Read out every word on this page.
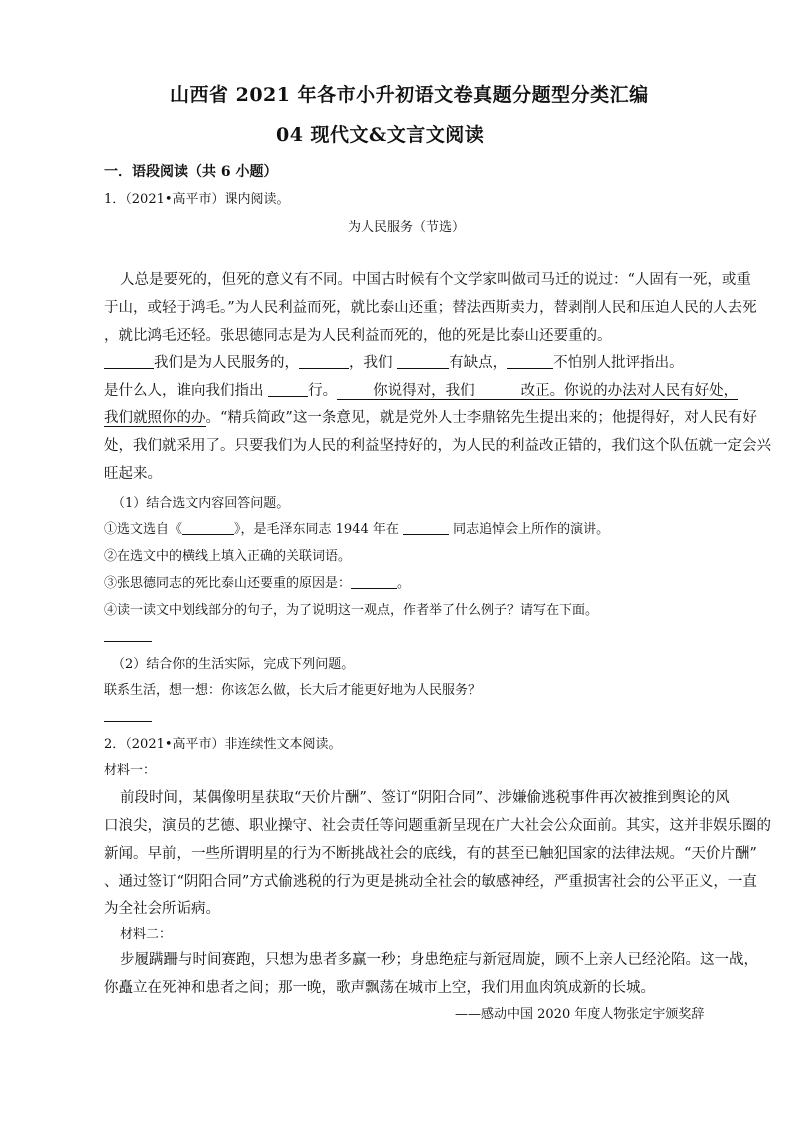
山西省 2021 年各市小升初语文卷真题分题型分类汇编
04 现代文&文言文阅读
一．语段阅读（共 6 小题）
1．（2021•高平市）课内阅读。
为人民服务（节选）
人总是要死的，但死的意义有不同。中国古时候有个文学家叫做司马迁的说过：“人固有一死，或重
于山，或轻于鸿毛。”为人民利益而死，就比泰山还重；替法西斯卖力，替剥削人民和压迫人民的人去死
，就比鸿毛还轻。张思德同志是为人民利益而死的，他的死是比泰山还要重的。
我们是为人民服务的，	，我们	有缺点，	不怕别人批评指出。
是什么人，谁向我们指出	行。 你说得对，我们	改正。你说的办法对人民有好处，
我们就照你的办。“精兵简政”这一条意见，就是党外人士李鼎铭先生提出来的；他提得好，对人民有好
处，我们就采用了。只要我们为人民的利益坚持好的，为人民的利益改正错的，我们这个队伍就一定会兴
旺起来。
（1）结合选文内容回答问题。
①选文选自《	》，是毛泽东同志 1944 年在	同志追悼会上所作的演讲。
②在选文中的横线上填入正确的关联词语。
③张思德同志的死比泰山还要重的原因是：	。
④读一读文中划线部分的句子，为了说明这一观点，作者举了什么例子？请写在下面。
（2）结合你的生活实际，完成下列问题。
联系生活，想一想：你该怎么做，长大后才能更好地为人民服务？
2．（2021•高平市）非连续性文本阅读。
材料一：
前段时间，某偶像明星获取“天价片酬”、签订“阴阳合同”、涉嫌偷逃税事件再次被推到舆论的风
口浪尖，演员的艺德、职业操守、社会责任等问题重新呈现在广大社会公众面前。其实，这并非娱乐圈的
新闻。早前，一些所谓明星的行为不断挑战社会的底线，有的甚至已触犯国家的法律法规。“天价片酬”
、通过签订“阴阳合同”方式偷逃税的行为更是挑动全社会的敏感神经，严重损害社会的公平正义，一直
为全社会所诟病。
材料二：
步履蹒跚与时间赛跑，只想为患者多赢一秒；身患绝症与新冠周旋，顾不上亲人已经沦陷。这一战，
你矗立在死神和患者之间；那一晚，歌声飘荡在城市上空，我们用血肉筑成新的长城。
——感动中国 2020 年度人物张定宇颁奖辞
